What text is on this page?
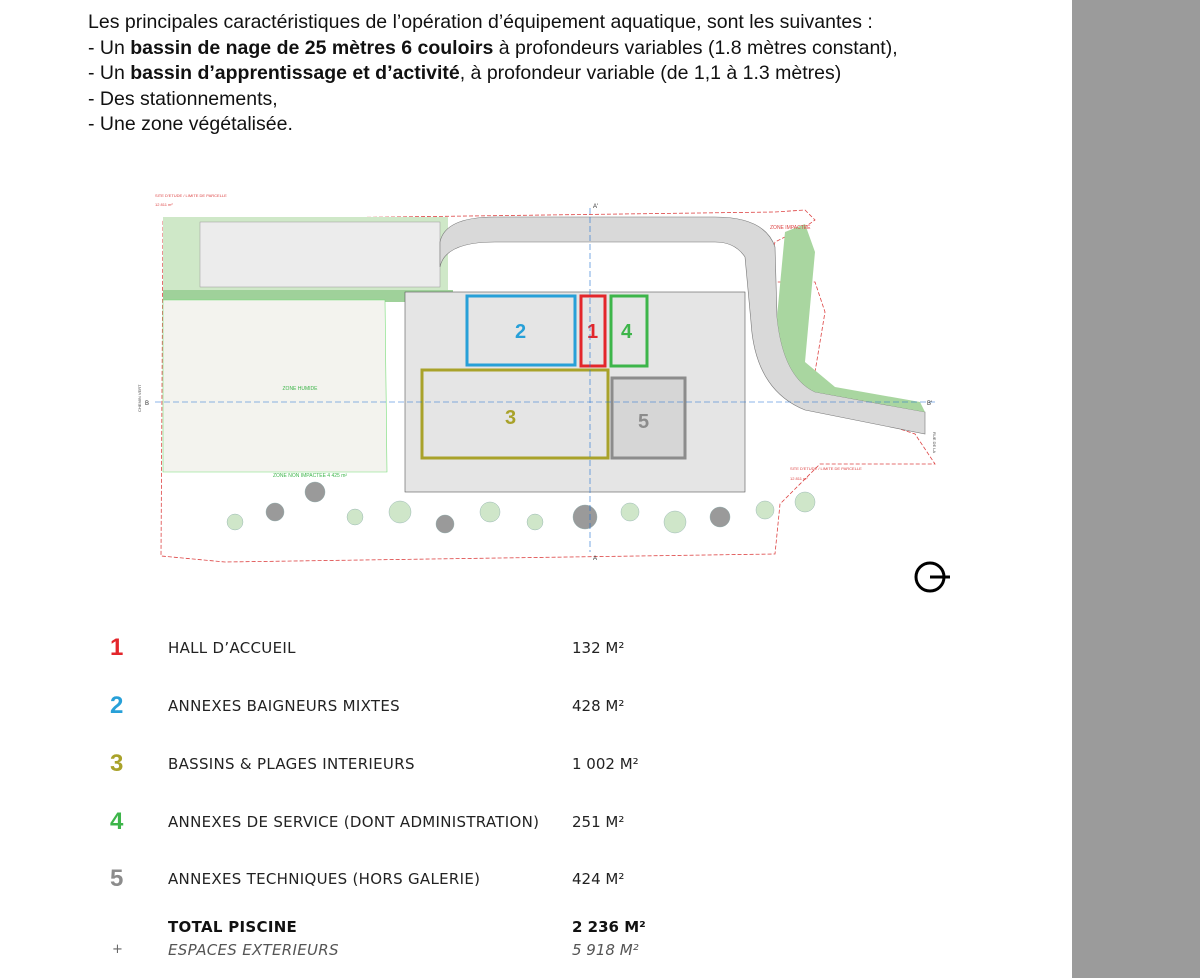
Les principales caractéristiques de l’opération d’équipement aquatique, sont les suivantes :

- Un bassin de nage de 25 mètres 6 couloirs à profondeurs variables (1.8 mètres constant),

- Un bassin d’apprentissage et d’activité, à profondeur variable (de 1,1 à 1.3 mètres)

- Des stationnements,

- Une zone végétalisée.

2	1 4
3	5
ZONE HUMIDE
ZONE NON IMPACTEE 4 425 m²
ZONE IMPACTEE
SITE D'ETUDE / LIMITE DE PARCELLE
12 811 m²
SITE D'ETUDE / LIMITE DE PARCELLE
12 811 m²
CHEMIN VERT
RUE DE LA
A'
A
B	B'
1	HALL D’ACCUEIL	132 M²
2	ANNEXES BAIGNEURS MIXTES	428 M²
3	BASSINS & PLAGES INTERIEURS	1 002 M²
4	ANNEXES DE SERVICE (DONT ADMINISTRATION) 251 M²
5	ANNEXES TECHNIQUES (HORS GALERIE)	424 M²
TOTAL PISCINE	2 236 M²
+	ESPACES EXTERIEURS	5 918 M²
